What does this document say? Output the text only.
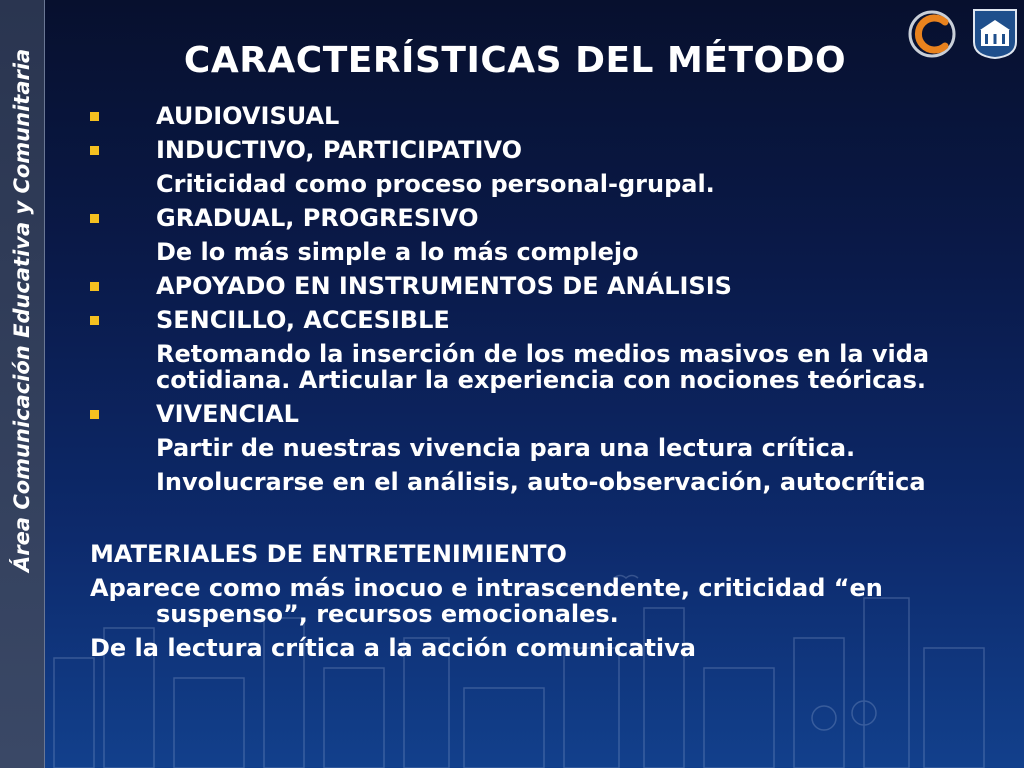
Área Comunicación Educativa y Comunitaria	CARACTERÍSTICAS DEL MÉTODO
AUDIOVISUAL
INDUCTIVO, PARTICIPATIVO
Criticidad como proceso personal-grupal.
GRADUAL, PROGRESIVO
De lo más simple a lo más complejo
APOYADO EN INSTRUMENTOS DE ANÁLISIS
SENCILLO, ACCESIBLE
Retomando la inserción de los medios masivos en la vida cotidiana. Articular la experiencia con nociones teóricas.
VIVENCIAL
Partir de nuestras vivencia para una lectura crítica.
Involucrarse en el análisis, auto-observación, autocrítica
MATERIALES DE ENTRETENIMIENTO
Aparece como más inocuo e intrascendente, criticidad “en suspenso”, recursos emocionales.
De la lectura crítica a la acción comunicativa
